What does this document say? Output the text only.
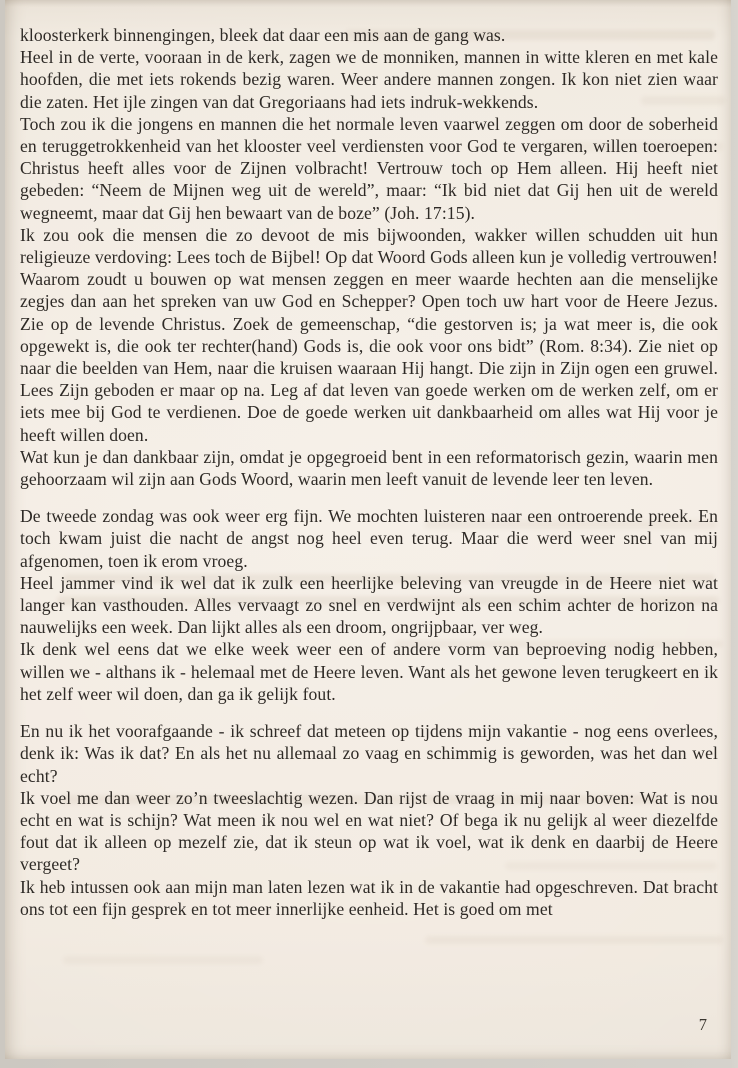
kloosterkerk binnengingen, bleek dat daar een mis aan de gang was.

Heel in de verte, vooraan in de kerk, zagen we de monniken, mannen in witte kleren en met kale hoofden, die met iets rokends bezig waren. Weer andere mannen zongen. Ik kon niet zien waar die zaten. Het ijle zingen van dat Gregoriaans had iets indruk-wekkends.

Toch zou ik die jongens en mannen die het normale leven vaarwel zeggen om door de soberheid en teruggetrokkenheid van het klooster veel verdiensten voor God te vergaren, willen toeroepen: Christus heeft alles voor de Zijnen volbracht! Vertrouw toch op Hem alleen. Hij heeft niet gebeden: “Neem de Mijnen weg uit de wereld”, maar: “Ik bid niet dat Gij hen uit de wereld wegneemt, maar dat Gij hen bewaart van de boze” (Joh. 17:15).

Ik zou ook die mensen die zo devoot de mis bijwoonden, wakker willen schudden uit hun religieuze verdoving: Lees toch de Bijbel! Op dat Woord Gods alleen kun je volledig vertrouwen! Waarom zoudt u bouwen op wat mensen zeggen en meer waarde hechten aan die menselijke zegjes dan aan het spreken van uw God en Schepper? Open toch uw hart voor de Heere Jezus. Zie op de levende Christus. Zoek de gemeenschap, “die gestorven is; ja wat meer is, die ook opgewekt is, die ook ter rechter(hand) Gods is, die ook voor ons bidt” (Rom. 8:34). Zie niet op naar die beelden van Hem, naar die kruisen waaraan Hij hangt. Die zijn in Zijn ogen een gruwel. Lees Zijn geboden er maar op na. Leg af dat leven van goede werken om de werken zelf, om er iets mee bij God te verdienen. Doe de goede werken uit dankbaarheid om alles wat Hij voor je heeft willen doen.

Wat kun je dan dankbaar zijn, omdat je opgegroeid bent in een reformatorisch gezin, waarin men gehoorzaam wil zijn aan Gods Woord, waarin men leeft vanuit de levende leer ten leven.

De tweede zondag was ook weer erg fijn. We mochten luisteren naar een ontroerende preek. En toch kwam juist die nacht de angst nog heel even terug. Maar die werd weer snel van mij afgenomen, toen ik erom vroeg.

Heel jammer vind ik wel dat ik zulk een heerlijke beleving van vreugde in de Heere niet wat langer kan vasthouden. Alles vervaagt zo snel en verdwijnt als een schim achter de horizon na nauwelijks een week. Dan lijkt alles als een droom, ongrijpbaar, ver weg.

Ik denk wel eens dat we elke week weer een of andere vorm van beproeving nodig hebben, willen we - althans ik - helemaal met de Heere leven. Want als het gewone leven terugkeert en ik het zelf weer wil doen, dan ga ik gelijk fout.

En nu ik het voorafgaande - ik schreef dat meteen op tijdens mijn vakantie - nog eens overlees, denk ik: Was ik dat? En als het nu allemaal zo vaag en schimmig is geworden, was het dan wel echt?

Ik voel me dan weer zo’n tweeslachtig wezen. Dan rijst de vraag in mij naar boven: Wat is nou echt en wat is schijn? Wat meen ik nou wel en wat niet? Of bega ik nu gelijk al weer diezelfde fout dat ik alleen op mezelf zie, dat ik steun op wat ik voel, wat ik denk en daarbij de Heere vergeet?

Ik heb intussen ook aan mijn man laten lezen wat ik in de vakantie had opgeschreven. Dat bracht ons tot een fijn gesprek en tot meer innerlijke eenheid. Het is goed om met

7
